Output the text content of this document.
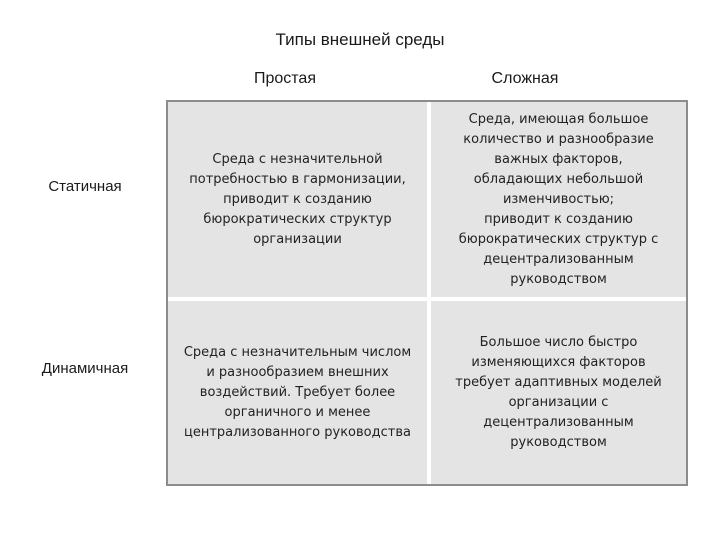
Типы внешней среды
Простая	Сложная
Статичная
Динамичная
Среда с незначительной
потребностью в гармонизации,
приводит к созданию
бюрократических структур
организации
Среда, имеющая большое
количество и разнообразие
важных факторов,
обладающих небольшой
изменчивостью;
приводит к созданию
бюрократических структур с
децентрализованным
руководством
Среда с незначительным числом
и разнообразием внешних
воздействий. Требует более
органичного и менее
централизованного руководства
Большое число быстро
изменяющихся факторов
требует адаптивных моделей
организации с
децентрализованным
руководством
